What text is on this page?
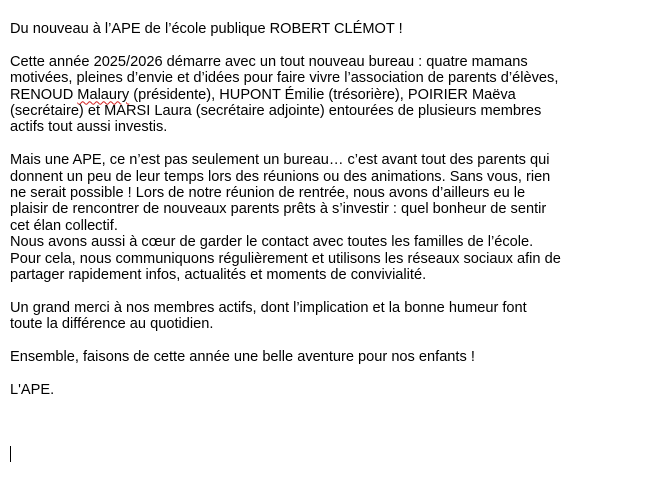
Du nouveau à l’APE de l’école publique ROBERT CLÉMOT !

Cette année 2025/2026 démarre avec un tout nouveau bureau : quatre mamans
motivées, pleines d’envie et d’idées pour faire vivre l’association de parents d’élèves,
RENOUD Malaury (présidente), HUPONT Émilie (trésorière), POIRIER Maëva
(secrétaire) et MARSI Laura (secrétaire adjointe) entourées de plusieurs membres
actifs tout aussi investis.

Mais une APE, ce n’est pas seulement un bureau… c’est avant tout des parents qui
donnent un peu de leur temps lors des réunions ou des animations. Sans vous, rien
ne serait possible ! Lors de notre réunion de rentrée, nous avons d’ailleurs eu le
plaisir de rencontrer de nouveaux parents prêts à s’investir : quel bonheur de sentir
cet élan collectif.

Nous avons aussi à cœur de garder le contact avec toutes les familles de l’école.
Pour cela, nous communiquons régulièrement et utilisons les réseaux sociaux afin de
partager rapidement infos, actualités et moments de convivialité.

Un grand merci à nos membres actifs, dont l’implication et la bonne humeur font
toute la différence au quotidien.

Ensemble, faisons de cette année une belle aventure pour nos enfants !

L'APE.
